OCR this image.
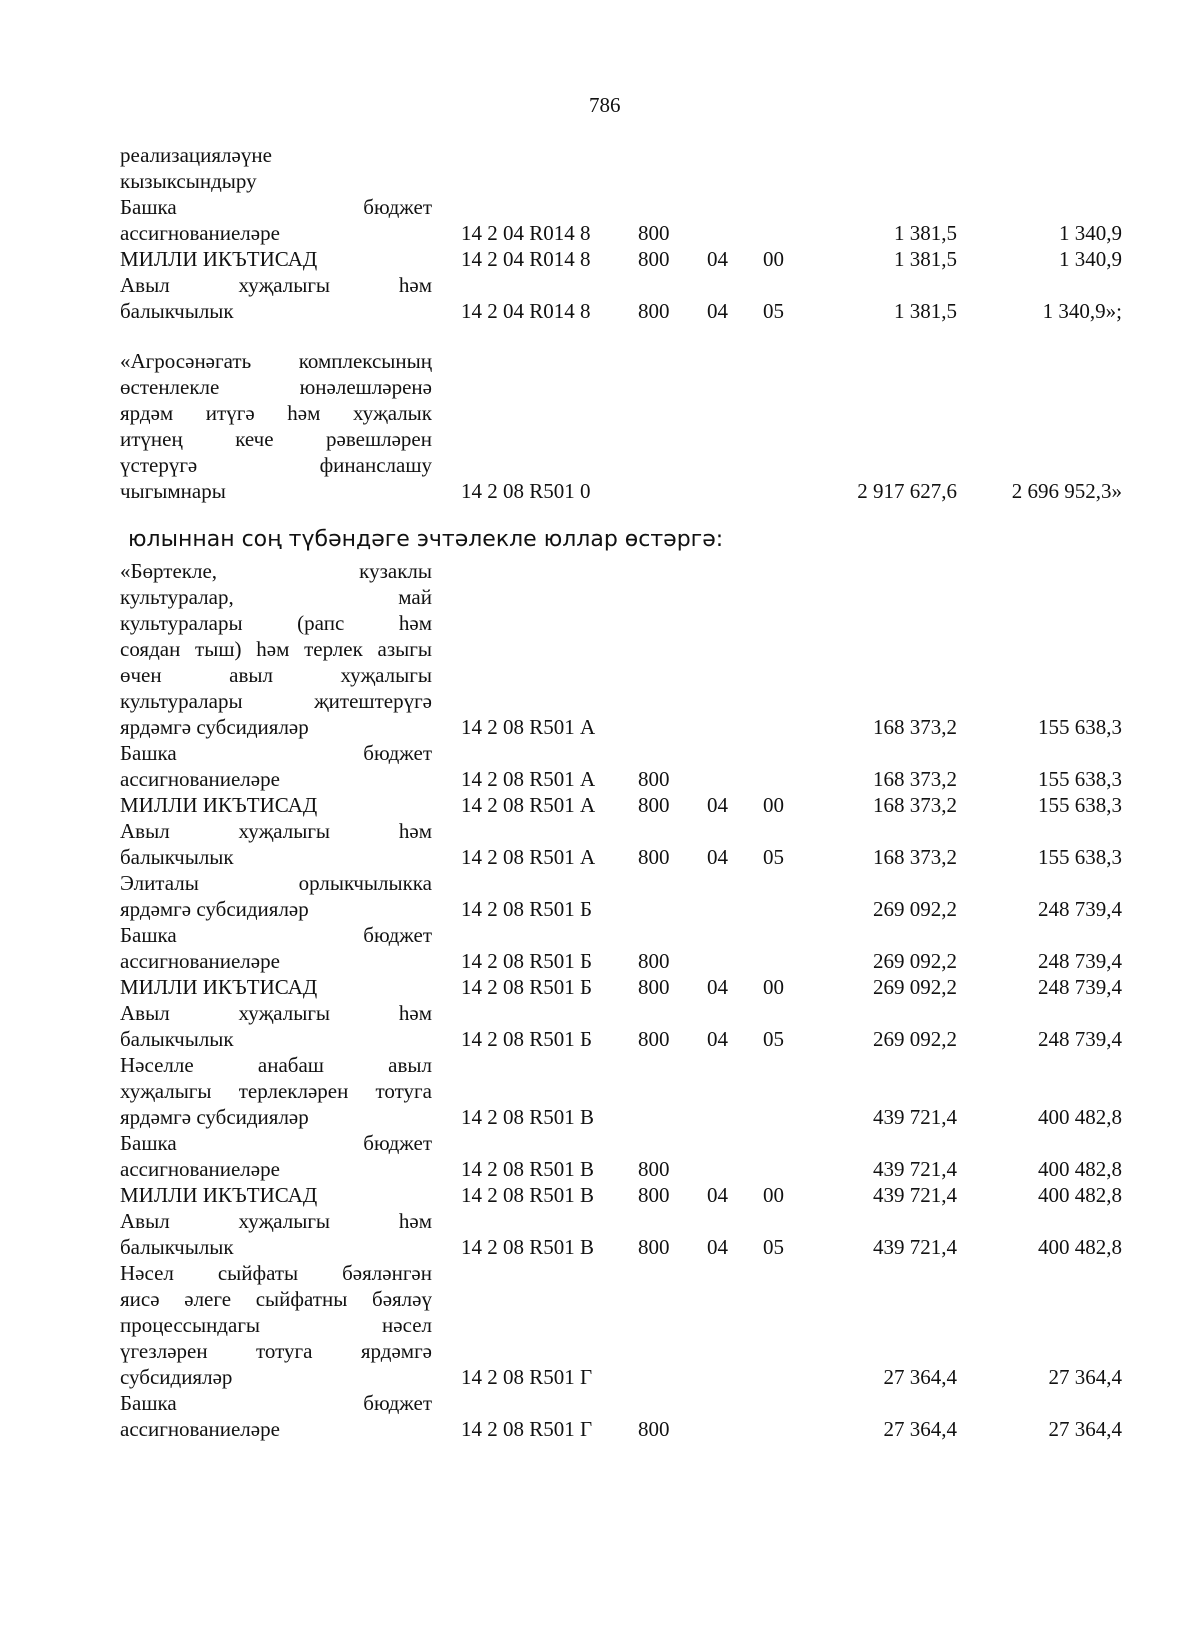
786
реализацияләүне
кызыксындыру
Башка бюджет
ассигнованиеләре	14 2 04 R014 8 800	1 381,5	1 340,9
МИЛЛИ ИКЪТИСАД	14 2 04 R014 8 800 04 00	1 381,5	1 340,9
Авыл хуҗалыгы һәм
балыкчылык	14 2 04 R014 8 800 04 05	1 381,5	1 340,9»;
«Агросәнәгать комплексының
өстенлекле юнәлешләренә
ярдәм итүгә һәм хуҗалык
итүнең кече рәвешләрен
үстерүгә финанслашу
чыгымнары	14 2 08 R501 0	2 917 627,6	2 696 952,3»
юлыннан соң түбәндәге эчтәлекле юллар өстәргә:
«Бөртекле, кузаклы
культуралар, май
культуралары (рапс һәм
соядан тыш) һәм терлек азыгы
өчен авыл хуҗалыгы
культуралары җитештерүгә
ярдәмгә субсидияләр	14 2 08 R501 А	168 373,2	155 638,3
Башка бюджет
ассигнованиеләре	14 2 08 R501 А 800	168 373,2	155 638,3
МИЛЛИ ИКЪТИСАД	14 2 08 R501 А 800 04 00	168 373,2	155 638,3
Авыл хуҗалыгы һәм
балыкчылык	14 2 08 R501 А 800 04 05	168 373,2	155 638,3
Элиталы орлыкчылыкка
ярдәмгә субсидияләр	14 2 08 R501 Б	269 092,2	248 739,4
Башка бюджет
ассигнованиеләре	14 2 08 R501 Б 800	269 092,2	248 739,4
МИЛЛИ ИКЪТИСАД	14 2 08 R501 Б 800 04 00	269 092,2	248 739,4
Авыл хуҗалыгы һәм
балыкчылык	14 2 08 R501 Б 800 04 05	269 092,2	248 739,4
Нәселле анабаш авыл
хуҗалыгы терлекләрен тотуга
ярдәмгә субсидияләр	14 2 08 R501 В	439 721,4	400 482,8
Башка бюджет
ассигнованиеләре	14 2 08 R501 В 800	439 721,4	400 482,8
МИЛЛИ ИКЪТИСАД	14 2 08 R501 В 800 04 00	439 721,4	400 482,8
Авыл хуҗалыгы һәм
балыкчылык	14 2 08 R501 В 800 04 05	439 721,4	400 482,8
Нәсел сыйфаты бәяләнгән
яисә әлеге сыйфатны бәяләү
процессындагы нәсел
үгезләрен тотуга ярдәмгә
субсидияләр	14 2 08 R501 Г	27 364,4	27 364,4
Башка бюджет
ассигнованиеләре	14 2 08 R501 Г 800	27 364,4	27 364,4
